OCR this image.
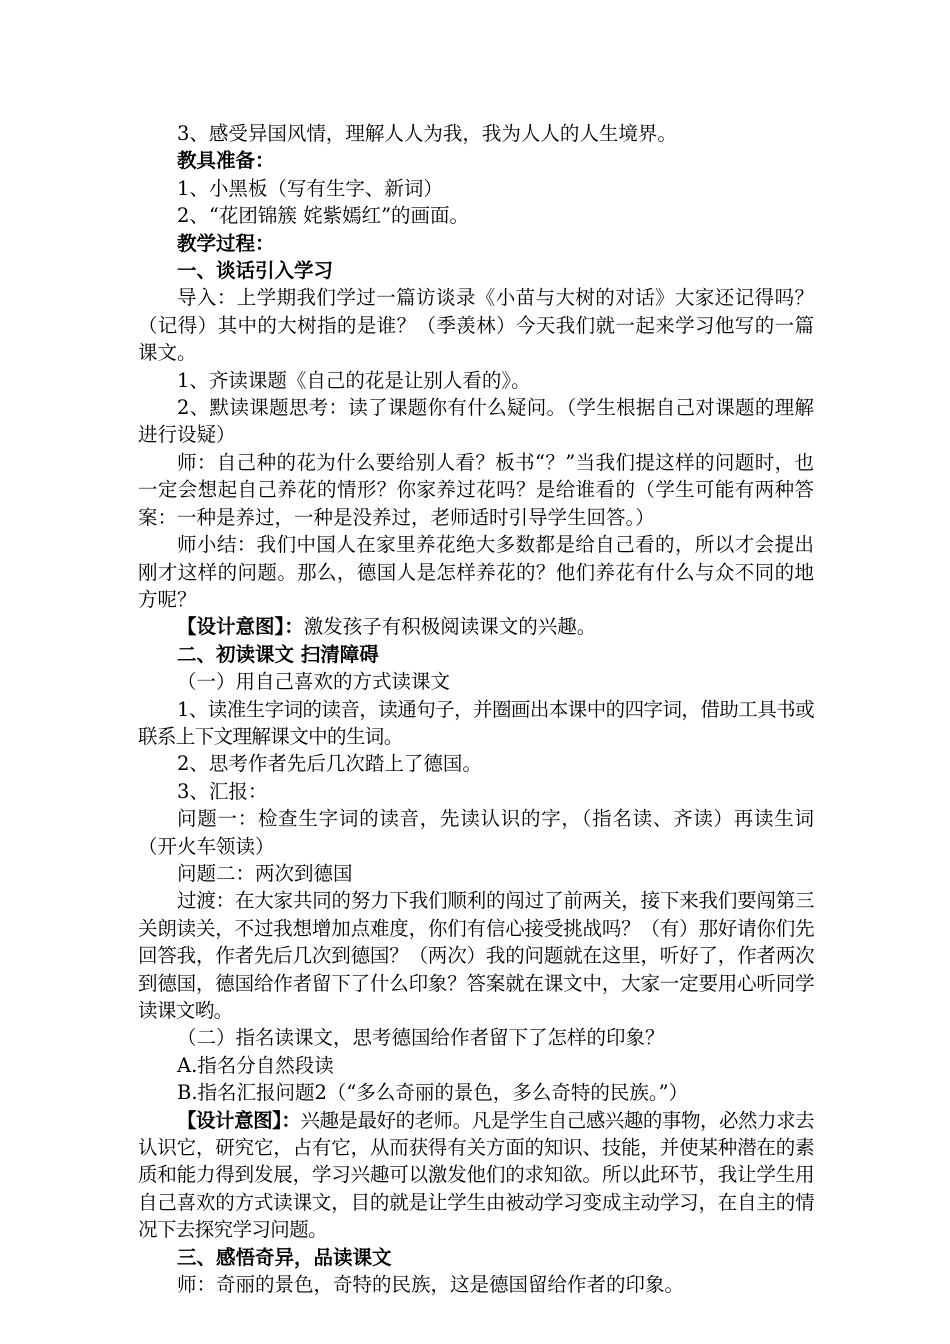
3、感受异国风情，理解人人为我，我为人人的人生境界。

教具准备：

1、小黑板（写有生字、新词）

2、“花团锦簇 姹紫嫣红”的画面。

教学过程：

一、谈话引入学习

导入：上学期我们学过一篇访谈录《小苗与大树的对话》大家还记得吗？（记得）其中的大树指的是谁？（季羡林）今天我们就一起来学习他写的一篇课文。

1、齐读课题《自己的花是让别人看的》。

2、默读课题思考：读了课题你有什么疑问。（学生根据自己对课题的理解进行设疑）

师：自己种的花为什么要给别人看？板书“？”当我们提这样的问题时，也一定会想起自己养花的情形？你家养过花吗？是给谁看的（学生可能有两种答案：一种是养过，一种是没养过，老师适时引导学生回答。）

师小结：我们中国人在家里养花绝大多数都是给自己看的，所以才会提出刚才这样的问题。那么，德国人是怎样养花的？他们养花有什么与众不同的地方呢？

【设计意图】：激发孩子有积极阅读课文的兴趣。

二、初读课文 扫清障碍

（一）用自己喜欢的方式读课文

1、读准生字词的读音，读通句子，并圈画出本课中的四字词，借助工具书或联系上下文理解课文中的生词。

2、思考作者先后几次踏上了德国。

3、汇报：

问题一：检查生字词的读音，先读认识的字，（指名读、齐读）再读生词（开火车领读）

问题二：两次到德国

过渡：在大家共同的努力下我们顺利的闯过了前两关，接下来我们要闯第三关朗读关，不过我想增加点难度，你们有信心接受挑战吗？（有）那好请你们先回答我，作者先后几次到德国？（两次）我的问题就在这里，听好了，作者两次到德国，德国给作者留下了什么印象？答案就在课文中，大家一定要用心听同学读课文哟。

（二）指名读课文，思考德国给作者留下了怎样的印象？

A.指名分自然段读

B.指名汇报问题2（“多么奇丽的景色，多么奇特的民族。”）

【设计意图】：兴趣是最好的老师。凡是学生自己感兴趣的事物，必然力求去认识它，研究它，占有它，从而获得有关方面的知识、技能，并使某种潜在的素质和能力得到发展，学习兴趣可以激发他们的求知欲。所以此环节，我让学生用自己喜欢的方式读课文，目的就是让学生由被动学习变成主动学习，在自主的情况下去探究学习问题。

三、感悟奇异，品读课文

师：奇丽的景色，奇特的民族，这是德国留给作者的印象。
